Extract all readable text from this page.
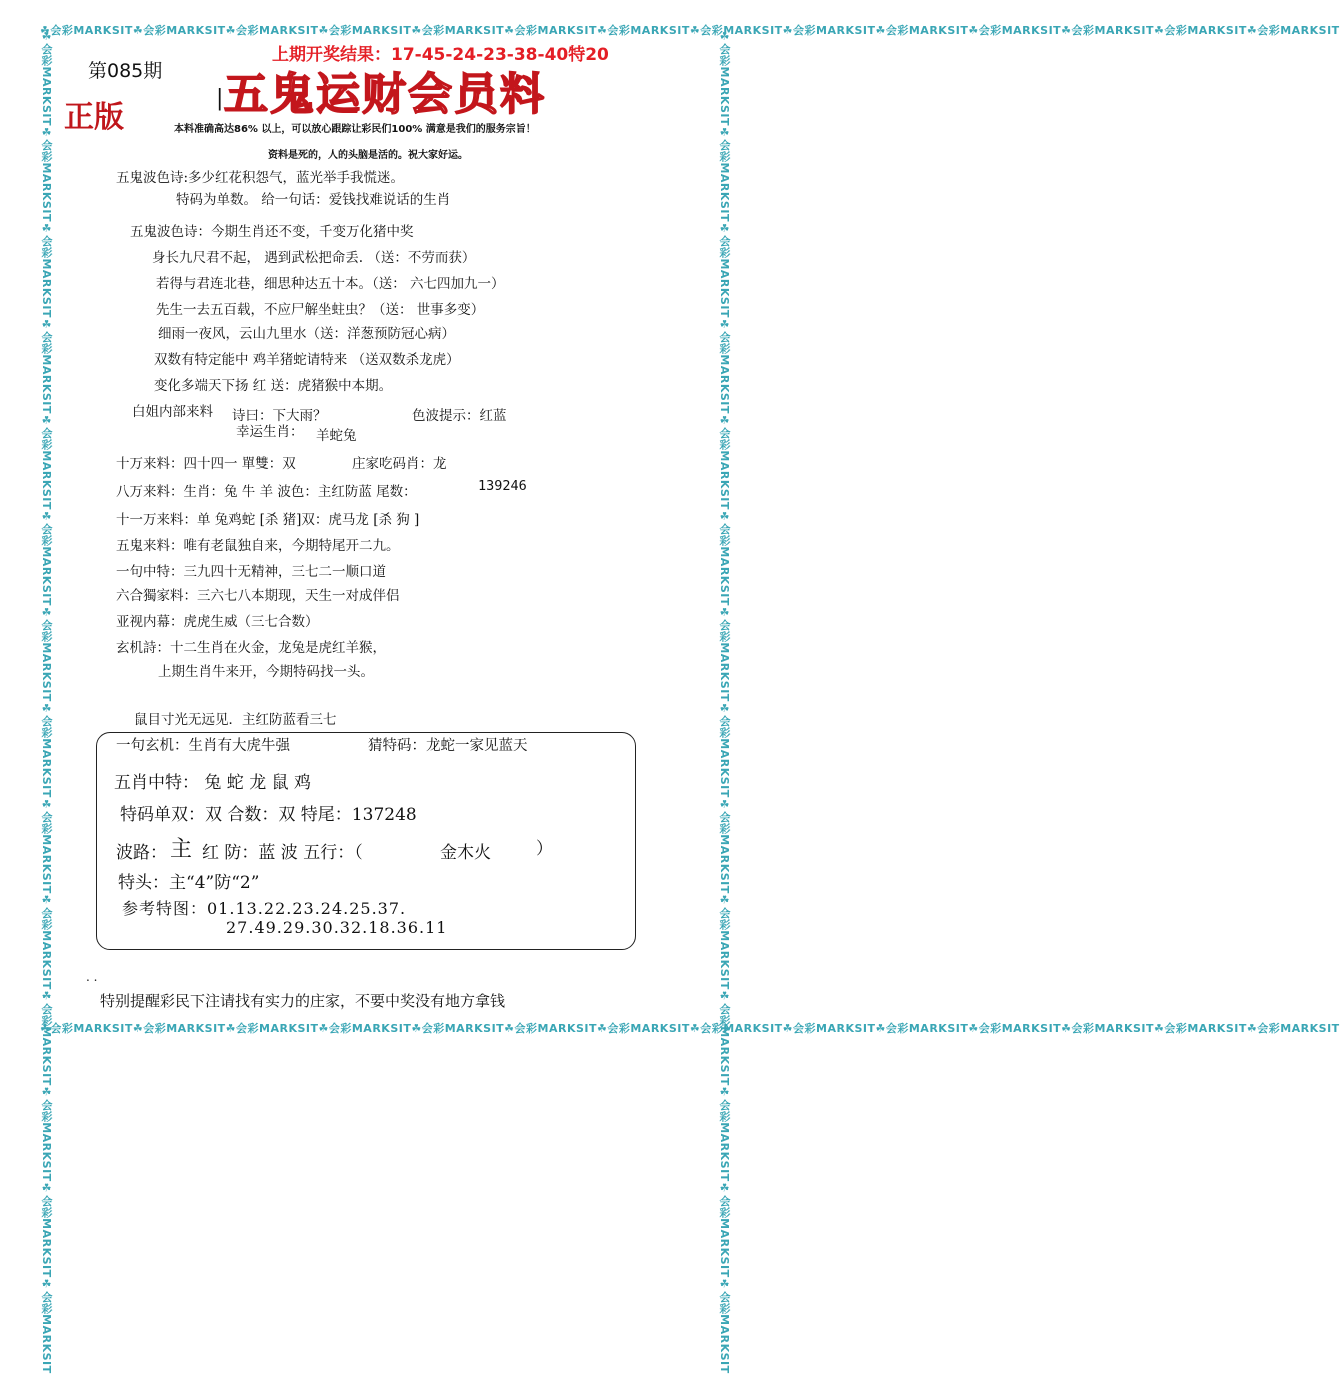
☘会彩MARKSIT☘会彩MARKSIT☘会彩MARKSIT☘会彩MARKSIT☘会彩MARKSIT☘会彩MARKSIT☘会彩MARKSIT☘会彩MARKSIT☘会彩MARKSIT☘会彩MARKSIT☘会彩MARKSIT☘会彩MARKSIT☘会彩MARKSIT☘会彩MARKSIT
☘会彩MARKSIT☘会彩MARKSIT☘会彩MARKSIT☘会彩MARKSIT☘会彩MARKSIT☘会彩MARKSIT☘会彩MARKSIT☘会彩MARKSIT☘会彩MARKSIT☘会彩MARKSIT☘会彩MARKSIT☘会彩MARKSIT☘会彩MARKSIT☘会彩MARKSIT
☘会彩MARKSIT☘会彩MARKSIT☘会彩MARKSIT☘会彩MARKSIT☘会彩MARKSIT☘会彩MARKSIT☘会彩MARKSIT☘会彩MARKSIT☘会彩MARKSIT☘会彩MARKSIT☘会彩MARKSIT☘会彩MARKSIT☘会彩MARKSIT☘会彩MARKSIT	☘会彩MARKSIT☘会彩MARKSIT☘会彩MARKSIT☘会彩MARKSIT☘会彩MARKSIT☘会彩MARKSIT☘会彩MARKSIT☘会彩MARKSIT☘会彩MARKSIT☘会彩MARKSIT☘会彩MARKSIT☘会彩MARKSIT☘会彩MARKSIT☘会彩MARKSIT
第085期
正版
上期开奖结果：17-45-24-23-38-40特20
| 五鬼运财会员料
本料准确高达86% 以上，可以放心跟踪让彩民们100% 满意是我们的服务宗旨！
资料是死的，人的头脑是活的。祝大家好运。
五鬼波色诗:多少红花积怨气，蓝光举手我慌迷。
特码为单数。 给一句话：爱钱找难说话的生肖
五鬼波色诗：今期生肖还不变，千变万化猪中奖
身长九尺君不起， 遇到武松把命丢. （送：不劳而获）
若得与君连北巷，细思种达五十本。（送： 六七四加九一）
先生一去五百载，不应尸解坐蛀虫？（送： 世事多变）
细雨一夜风，云山九里水（送：洋葱预防冠心病）
双数有特定能中 鸡羊猪蛇请特来 （送双数杀龙虎）
变化多端天下扬 红 送：虎猪猴中本期。
白姐内部来料 诗曰：下大雨？	色波提示：红蓝
幸运生肖： 羊蛇兔
十万来料：四十四一 單雙：双	庄家吃码肖：龙
八万来料：生肖：兔 牛 羊 波色：主红防蓝 尾数：	139246
十一万来料：单 兔鸡蛇 [杀 猪]双：虎马龙 [杀 狗 ]
五鬼来料：唯有老鼠独自来，今期特尾开二九。
一句中特：三九四十无精神，三七二一顺口道
六合獨家料：三六七八本期现，天生一对成伴侣
亚视内幕：虎虎生威（三七合数）
玄机詩：十二生肖在火金，龙兔是虎红羊猴，
上期生肖牛来开，今期特码找一头。
鼠目寸光无远见．主红防蓝看三七
一句玄机：生肖有大虎牛强	猜特码：龙蛇一家见蓝天
五肖中特： 兔 蛇 龙 鼠 鸡
特码单双：双 合数：双 特尾：137248
波路： 主 红 防：蓝 波 五行：（	金木火	）
特头：主“4”防“2”
参考特图：01.13.22.23.24.25.37.
27.49.29.30.32.18.36.11
. .
特别提醒彩民下注请找有实力的庄家，不要中奖没有地方拿钱
